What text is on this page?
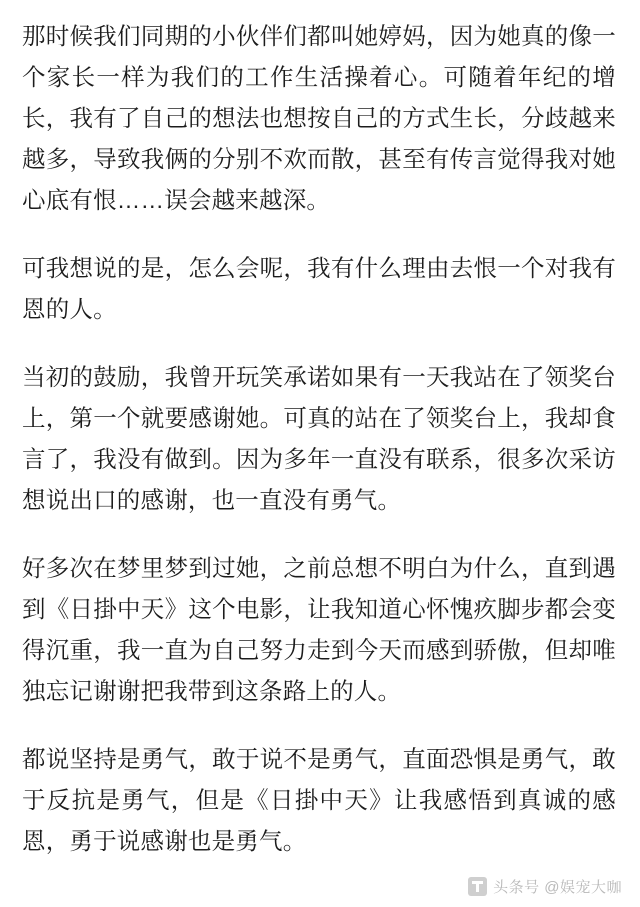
那时候我们同期的小伙伴们都叫她婷妈，因为她真的像一个家长一样为我们的工作生活操着心。可随着年纪的增长，我有了自己的想法也想按自己的方式生长，分歧越来越多，导致我俩的分别不欢而散，甚至有传言觉得我对她心底有恨……误会越来越深。

可我想说的是，怎么会呢，我有什么理由去恨一个对我有恩的人。

当初的鼓励，我曾开玩笑承诺如果有一天我站在了领奖台上，第一个就要感谢她。可真的站在了领奖台上，我却食言了，我没有做到。因为多年一直没有联系，很多次采访想说出口的感谢，也一直没有勇气。

好多次在梦里梦到过她，之前总想不明白为什么，直到遇到《日掛中天》这个电影，让我知道心怀愧疚脚步都会变得沉重，我一直为自己努力走到今天而感到骄傲，但却唯独忘记谢谢把我带到这条路上的人。

都说坚持是勇气，敢于说不是勇气，直面恐惧是勇气，敢于反抗是勇气，但是《日掛中天》让我感悟到真诚的感恩，勇于说感谢也是勇气。

头条号 @娱宠大咖
